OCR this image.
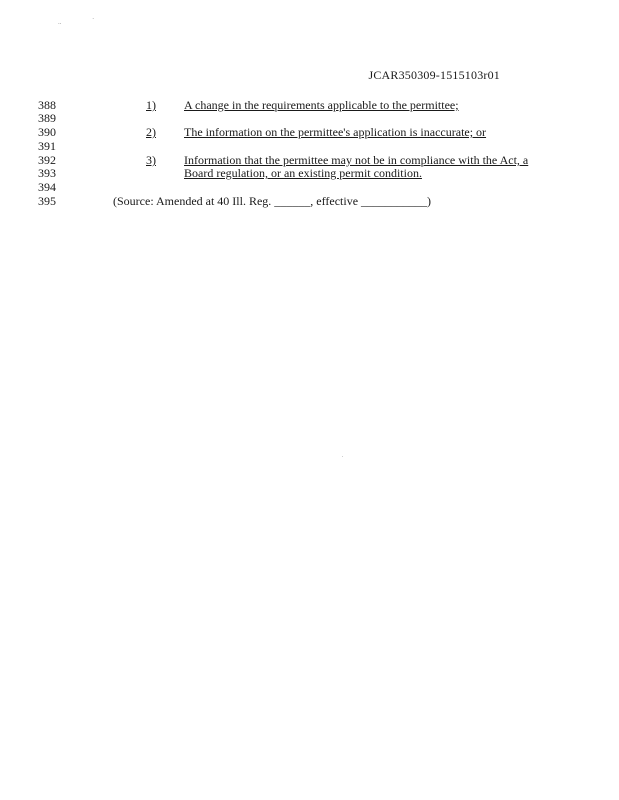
..	·
JCAR350309-1515103r01
388	1) A change in the requirements applicable to the permittee;
389
390	2) The information on the permittee's application is inaccurate; or
391
392	3) Information that the permittee may not be in compliance with the Act, a
393	Board regulation, or an existing permit condition.
394
395	(Source: Amended at 40 Ill. Reg. ______, effective ___________)
